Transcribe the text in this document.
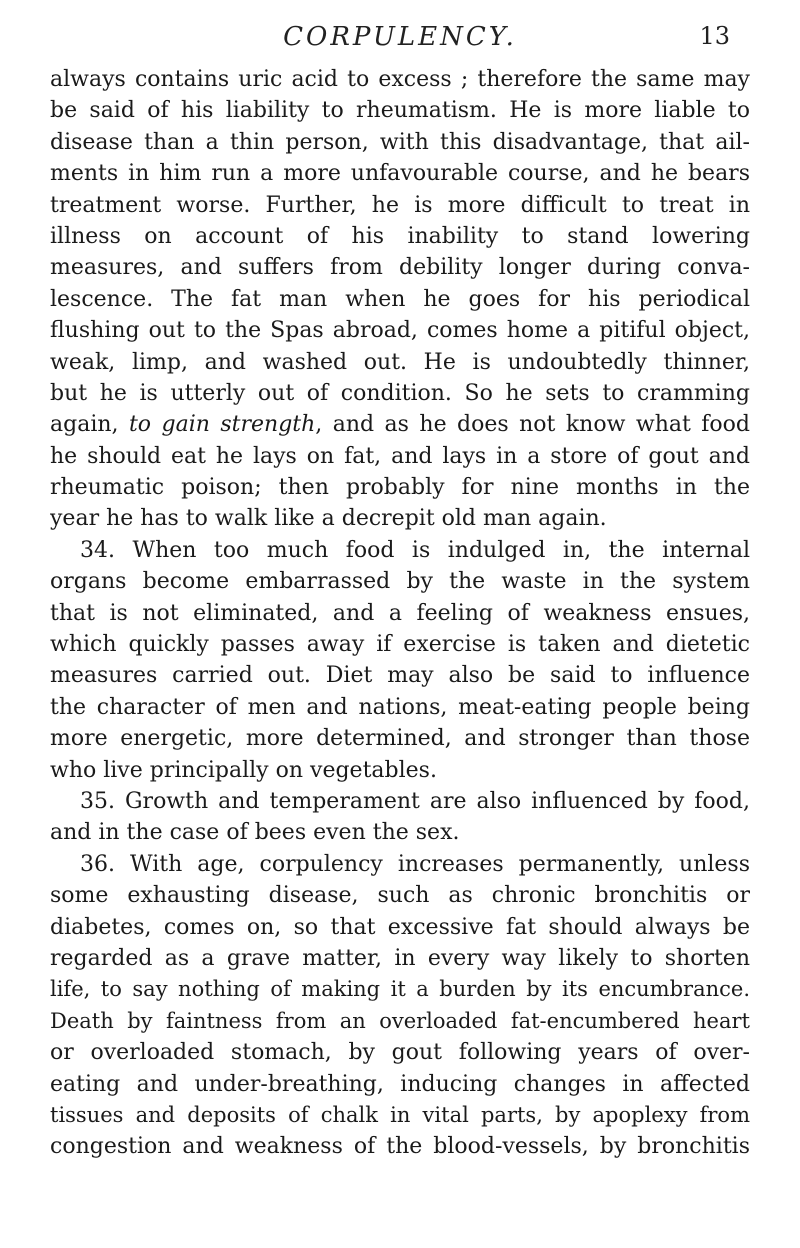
CORPULENCY.	13
always contains uric acid to excess ; therefore the same may
be said of his liability to rheumatism. He is more liable to
disease than a thin person, with this disadvantage, that ail-
ments in him run a more unfavourable course, and he bears
treatment worse. Further, he is more difficult to treat in
illness on account of his inability to stand lowering
measures, and suffers from debility longer during conva-
lescence. The fat man when he goes for his periodical
flushing out to the Spas abroad, comes home a pitiful object,
weak, limp, and washed out. He is undoubtedly thinner,
but he is utterly out of condition. So he sets to cramming
again, to gain strength, and as he does not know what food
he should eat he lays on fat, and lays in a store of gout and
rheumatic poison; then probably for nine months in the
year he has to walk like a decrepit old man again.
34. When too much food is indulged in, the internal
organs become embarrassed by the waste in the system
that is not eliminated, and a feeling of weakness ensues,
which quickly passes away if exercise is taken and dietetic
measures carried out. Diet may also be said to influence
the character of men and nations, meat-eating people being
more energetic, more determined, and stronger than those
who live principally on vegetables.
35. Growth and temperament are also influenced by food,
and in the case of bees even the sex.
36. With age, corpulency increases permanently, unless
some exhausting disease, such as chronic bronchitis or
diabetes, comes on, so that excessive fat should always be
regarded as a grave matter, in every way likely to shorten
life, to say nothing of making it a burden by its encumbrance.
Death by faintness from an overloaded fat-encumbered heart
or overloaded stomach, by gout following years of over-
eating and under-breathing, inducing changes in affected
tissues and deposits of chalk in vital parts, by apoplexy from
congestion and weakness of the blood-vessels, by bronchitis
